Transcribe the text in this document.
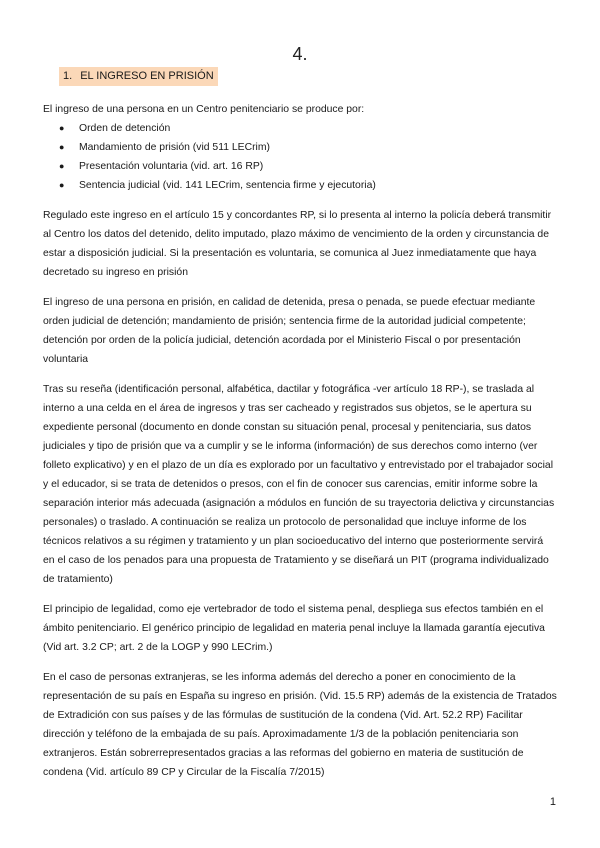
4.
1. EL INGRESO EN PRISIÓN

El ingreso de una persona en un Centro penitenciario se produce por:

● Orden de detención
● Mandamiento de prisión (vid 511 LECrim)
● Presentación voluntaria (vid. art. 16 RP)
● Sentencia judicial (vid. 141 LECrim, sentencia firme y ejecutoria)

Regulado este ingreso en el artículo 15 y concordantes RP, si lo presenta al interno la policía deberá transmitir al Centro los datos del detenido, delito imputado, plazo máximo de vencimiento de la orden y circunstancia de estar a disposición judicial. Si la presentación es voluntaria, se comunica al Juez inmediatamente que haya decretado su ingreso en prisión

El ingreso de una persona en prisión, en calidad de detenida, presa o penada, se puede efectuar mediante orden judicial de detención; mandamiento de prisión; sentencia firme de la autoridad judicial competente; detención por orden de la policía judicial, detención acordada por el Ministerio Fiscal o por presentación voluntaria

Tras su reseña (identificación personal, alfabética, dactilar y fotográfica -ver artículo 18 RP-), se traslada al interno a una celda en el área de ingresos y tras ser cacheado y registrados sus objetos, se le apertura su expediente personal (documento en donde constan su situación penal, procesal y penitenciaria, sus datos judiciales y tipo de prisión que va a cumplir y se le informa (información) de sus derechos como interno (ver folleto explicativo) y en el plazo de un día es explorado por un facultativo y entrevistado por el trabajador social y el educador, si se trata de detenidos o presos, con el fin de conocer sus carencias, emitir informe sobre la separación interior más adecuada (asignación a módulos en función de su trayectoria delictiva y circunstancias personales) o traslado. A continuación se realiza un protocolo de personalidad que incluye informe de los técnicos relativos a su régimen y tratamiento y un plan socioeducativo del interno que posteriormente servirá en el caso de los penados para una propuesta de Tratamiento y se diseñará un PIT (programa individualizado de tratamiento)

El principio de legalidad, como eje vertebrador de todo el sistema penal, despliega sus efectos también en el ámbito penitenciario. El genérico principio de legalidad en materia penal incluye la llamada garantía ejecutiva (Vid art. 3.2 CP; art. 2 de la LOGP y 990 LECrim.)

En el caso de personas extranjeras, se les informa además del derecho a poner en conocimiento de la representación de su país en España su ingreso en prisión. (Vid. 15.5 RP) además de la existencia de Tratados de Extradición con sus países y de las fórmulas de sustitución de la condena (Vid. Art. 52.2 RP) Facilitar dirección y teléfono de la embajada de su país. Aproximadamente 1/3 de la población penitenciaria son extranjeros. Están sobrerrepresentados gracias a las reformas del gobierno en materia de sustitución de condena (Vid. artículo 89 CP y Circular de la Fiscalía 7/2015)

1
